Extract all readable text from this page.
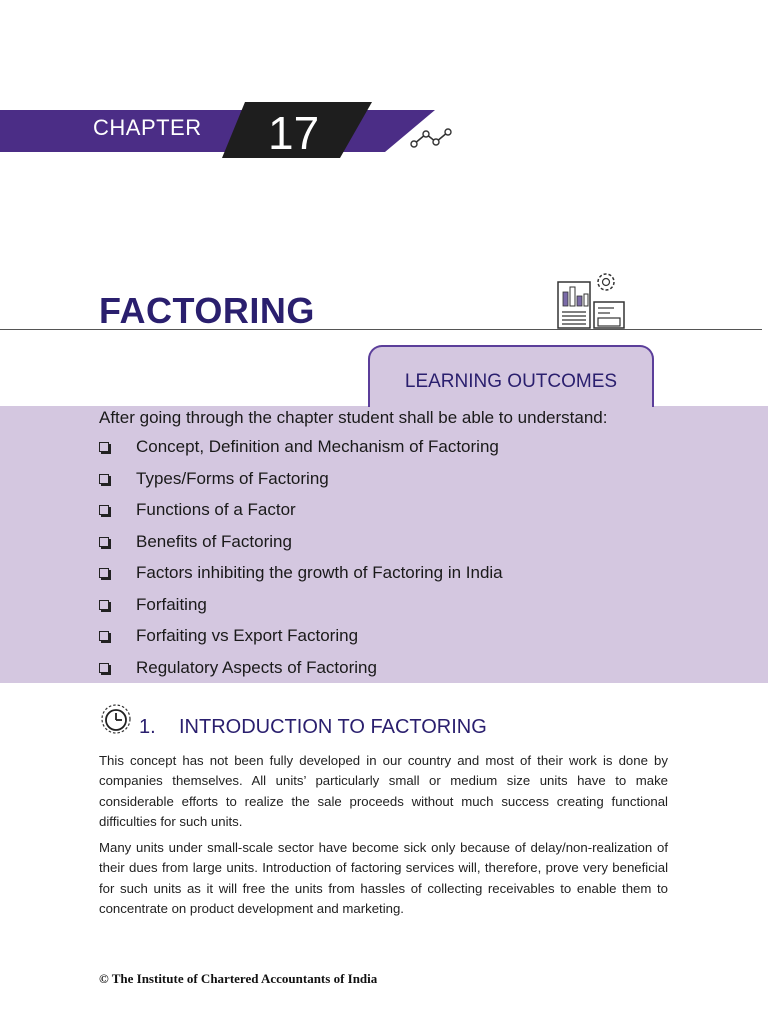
CHAPTER 17
FACTORING
After going through the chapter student shall be able to understand:
Concept, Definition and Mechanism of Factoring
Types/Forms of Factoring
Functions of a Factor
Benefits of Factoring
Factors inhibiting the growth of Factoring in India
Forfaiting
Forfaiting vs Export Factoring
Regulatory Aspects of Factoring
LEARNING OUTCOMES
1. INTRODUCTION TO FACTORING

This concept has not been fully developed in our country and most of their work is done by companies themselves. All units’ particularly small or medium size units have to make considerable efforts to realize the sale proceeds without much success creating functional difficulties for such units.

Many units under small-scale sector have become sick only because of delay/non-realization of their dues from large units. Introduction of factoring services will, therefore, prove very beneficial for such units as it will free the units from hassles of collecting receivables to enable them to concentrate on product development and marketing.

© The Institute of Chartered Accountants of India
